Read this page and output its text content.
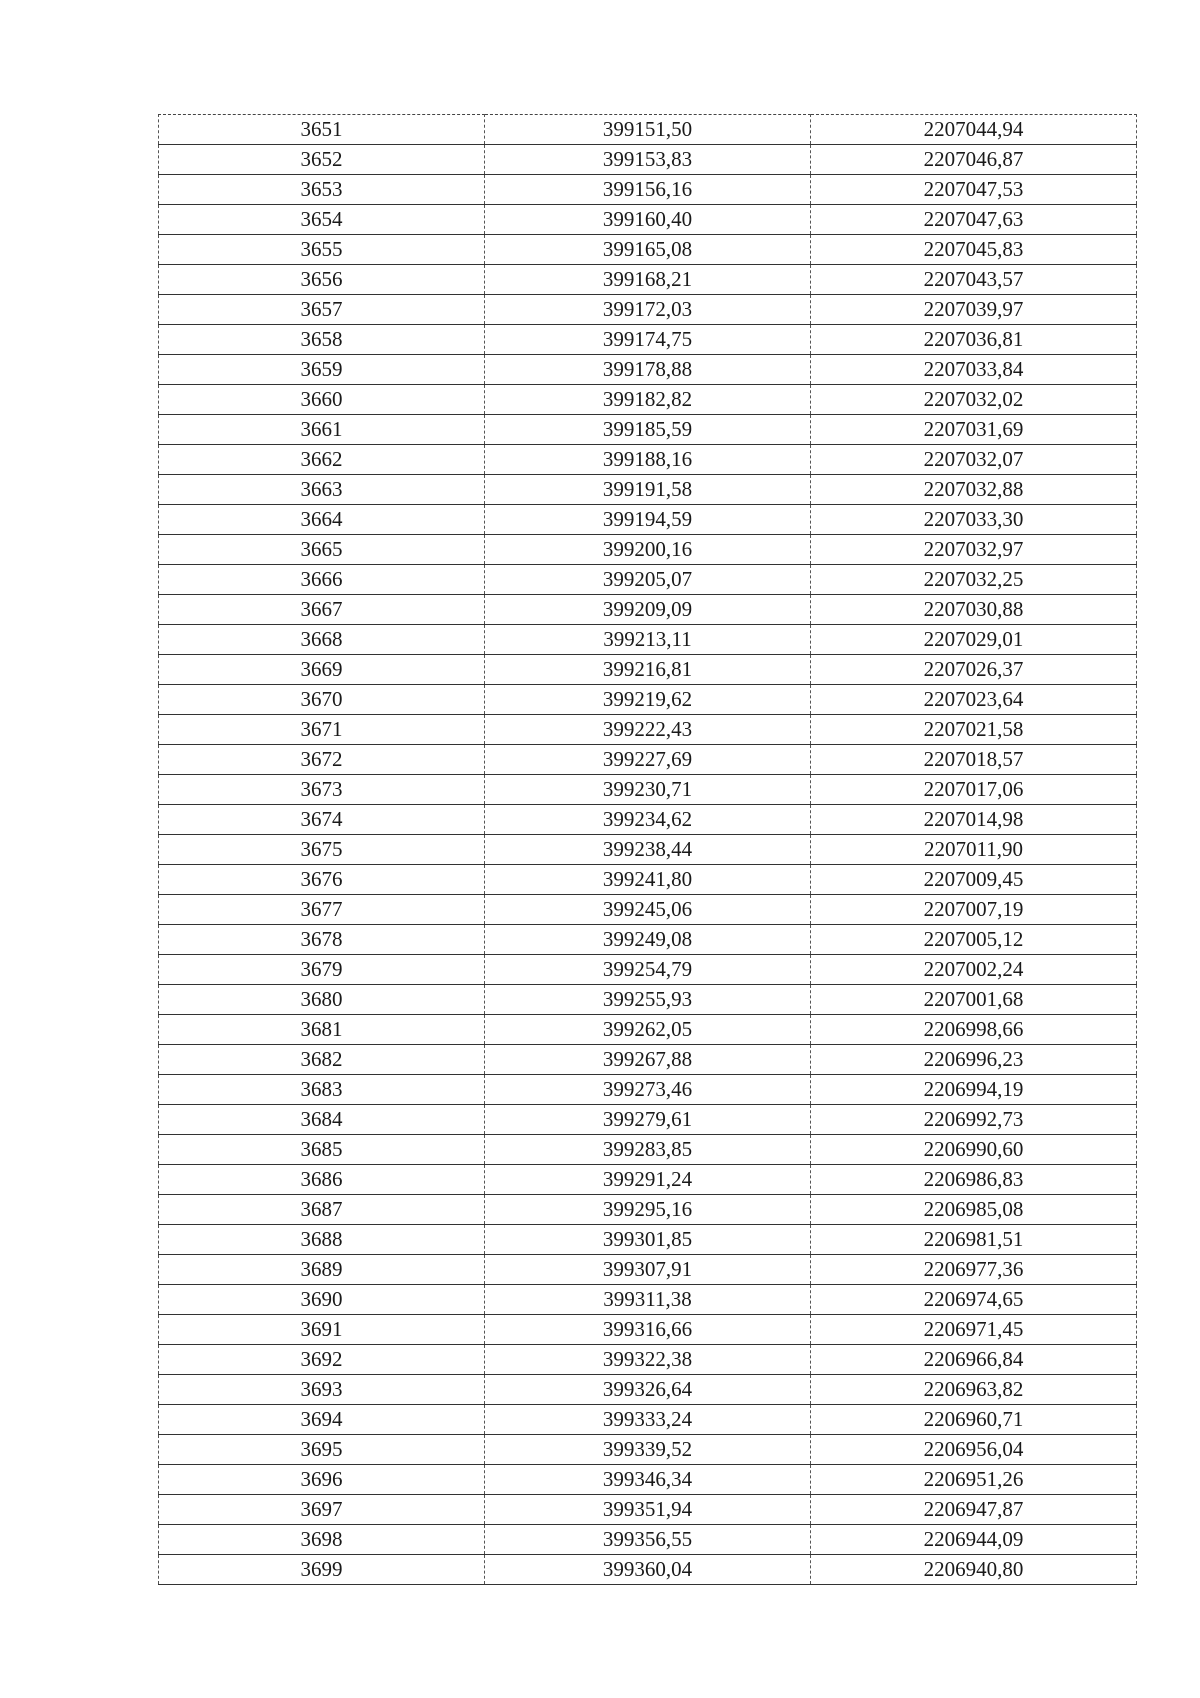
3651	399151,50	2207044,94
3652	399153,83	2207046,87
3653	399156,16	2207047,53
3654	399160,40	2207047,63
3655	399165,08	2207045,83
3656	399168,21	2207043,57
3657	399172,03	2207039,97
3658	399174,75	2207036,81
3659	399178,88	2207033,84
3660	399182,82	2207032,02
3661	399185,59	2207031,69
3662	399188,16	2207032,07
3663	399191,58	2207032,88
3664	399194,59	2207033,30
3665	399200,16	2207032,97
3666	399205,07	2207032,25
3667	399209,09	2207030,88
3668	399213,11	2207029,01
3669	399216,81	2207026,37
3670	399219,62	2207023,64
3671	399222,43	2207021,58
3672	399227,69	2207018,57
3673	399230,71	2207017,06
3674	399234,62	2207014,98
3675	399238,44	2207011,90
3676	399241,80	2207009,45
3677	399245,06	2207007,19
3678	399249,08	2207005,12
3679	399254,79	2207002,24
3680	399255,93	2207001,68
3681	399262,05	2206998,66
3682	399267,88	2206996,23
3683	399273,46	2206994,19
3684	399279,61	2206992,73
3685	399283,85	2206990,60
3686	399291,24	2206986,83
3687	399295,16	2206985,08
3688	399301,85	2206981,51
3689	399307,91	2206977,36
3690	399311,38	2206974,65
3691	399316,66	2206971,45
3692	399322,38	2206966,84
3693	399326,64	2206963,82
3694	399333,24	2206960,71
3695	399339,52	2206956,04
3696	399346,34	2206951,26
3697	399351,94	2206947,87
3698	399356,55	2206944,09
3699	399360,04	2206940,80
